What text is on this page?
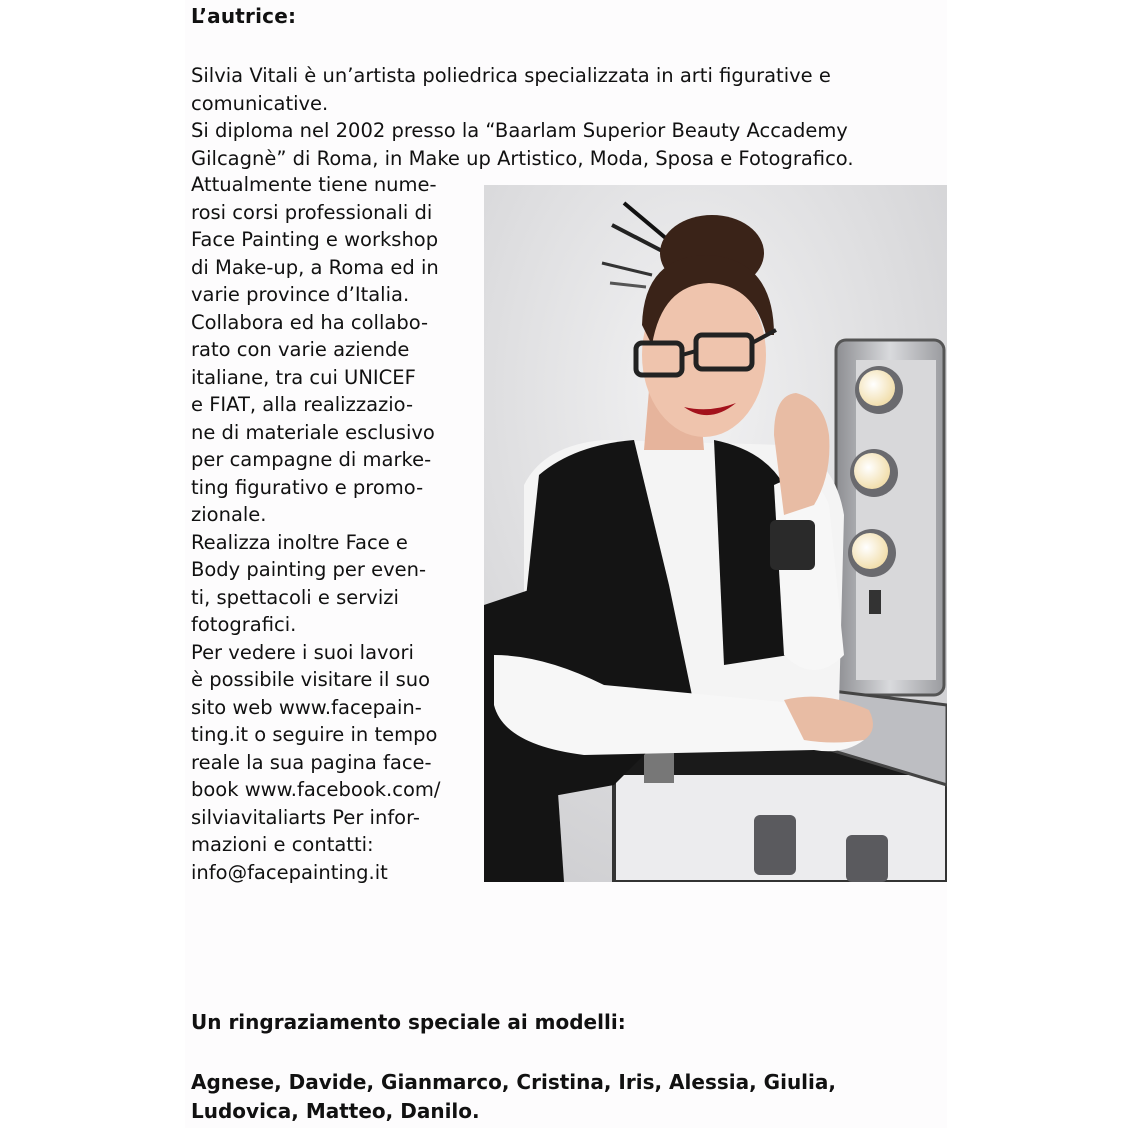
L’autrice:

Silvia Vitali è un’artista poliedrica specializzata in arti figurative e comunicative.

Si diploma nel 2002 presso la “Baarlam Superior Beauty Accademy Gilcagnè” di Roma, in Make up Artistico, Moda, Sposa e Fotografico.

Attualmente tiene nume-

rosi corsi professionali di

Face Painting e workshop

di Make-up, a Roma ed in

varie province d’Italia.

Collabora ed ha collabo-

rato con varie aziende

italiane, tra cui UNICEF

e FIAT, alla realizzazio-

ne di materiale esclusivo

per campagne di marke-

ting figurativo e promo-

zionale.

Realizza inoltre Face e

Body painting per even-

ti, spettacoli e servizi

fotografici.

Per vedere i suoi lavori

è possibile visitare il suo

sito web www.facepain-

ting.it o seguire in tempo

reale la sua pagina face-

book www.facebook.com/

silviavitaliarts Per infor-

mazioni e contatti:

info@facepainting.it

Un ringraziamento speciale ai modelli:
Agnese, Davide, Gianmarco, Cristina, Iris, Alessia, Giulia,
Ludovica, Matteo, Danilo.
